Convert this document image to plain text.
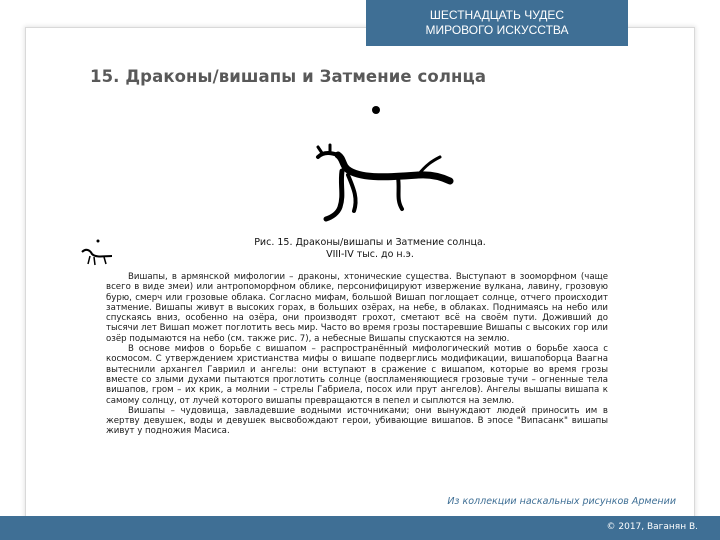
ШЕСТНАДЦАТЬ ЧУДЕС
МИРОВОГО ИСКУССТВА
15. Драконы/вишапы и Затмение солнца
Рис. 15. Драконы/вишапы и Затмение солнца.
VIII-IV тыс. до н.э.

Вишапы, в армянской мифологии – драконы, хтонические существа. Выступают в зооморфном (чаще всего в виде змеи) или антропоморфном облике, персонифицируют извержение вулкана, лавину, грозовую бурю, смерч или грозовые облака. Согласно мифам, большой Вишап поглощает солнце, отчего происходит затмение. Вишапы живут в высоких горах, в больших озёрах, на небе, в облаках. Поднимаясь на небо или спускаясь вниз, особенно на озёра, они производят грохот, сметают всё на своём пути. Доживший до тысячи лет Вишап может поглотить весь мир. Часто во время грозы постаревшие Вишапы с высоких гор или озёр подымаются на небо (см. также рис. 7), а небесные Вишапы спускаются на землю.

В основе мифов о борьбе с вишапом – распространённый мифологический мотив о борьбе хаоса с космосом. С утверждением христианства мифы о вишапе подверглись модификации, вишапоборца Ваагна вытеснили архангел Гавриил и ангелы: они вступают в сражение с вишапом, которые во время грозы вместе со злыми духами пытаются проглотить солнце (воспламеняющиеся грозовые тучи – огненные тела вишапов, гром – их крик, а молнии – стрелы Габриела, посох или прут ангелов). Ангелы вышапы вишапа к самому солнцу, от лучей которого вишапы превращаются в пепел и сыплются на землю.

Вишапы – чудовища, завладевшие водными источниками; они вынуждают людей приносить им в жертву девушек, воды и девушек высвобождают герои, убивающие вишапов. В эпосе "Випасанк" вишапы живут у подножия Масиса.

Из коллекции наскальных рисунков Армении
© 2017, Ваганян В.
